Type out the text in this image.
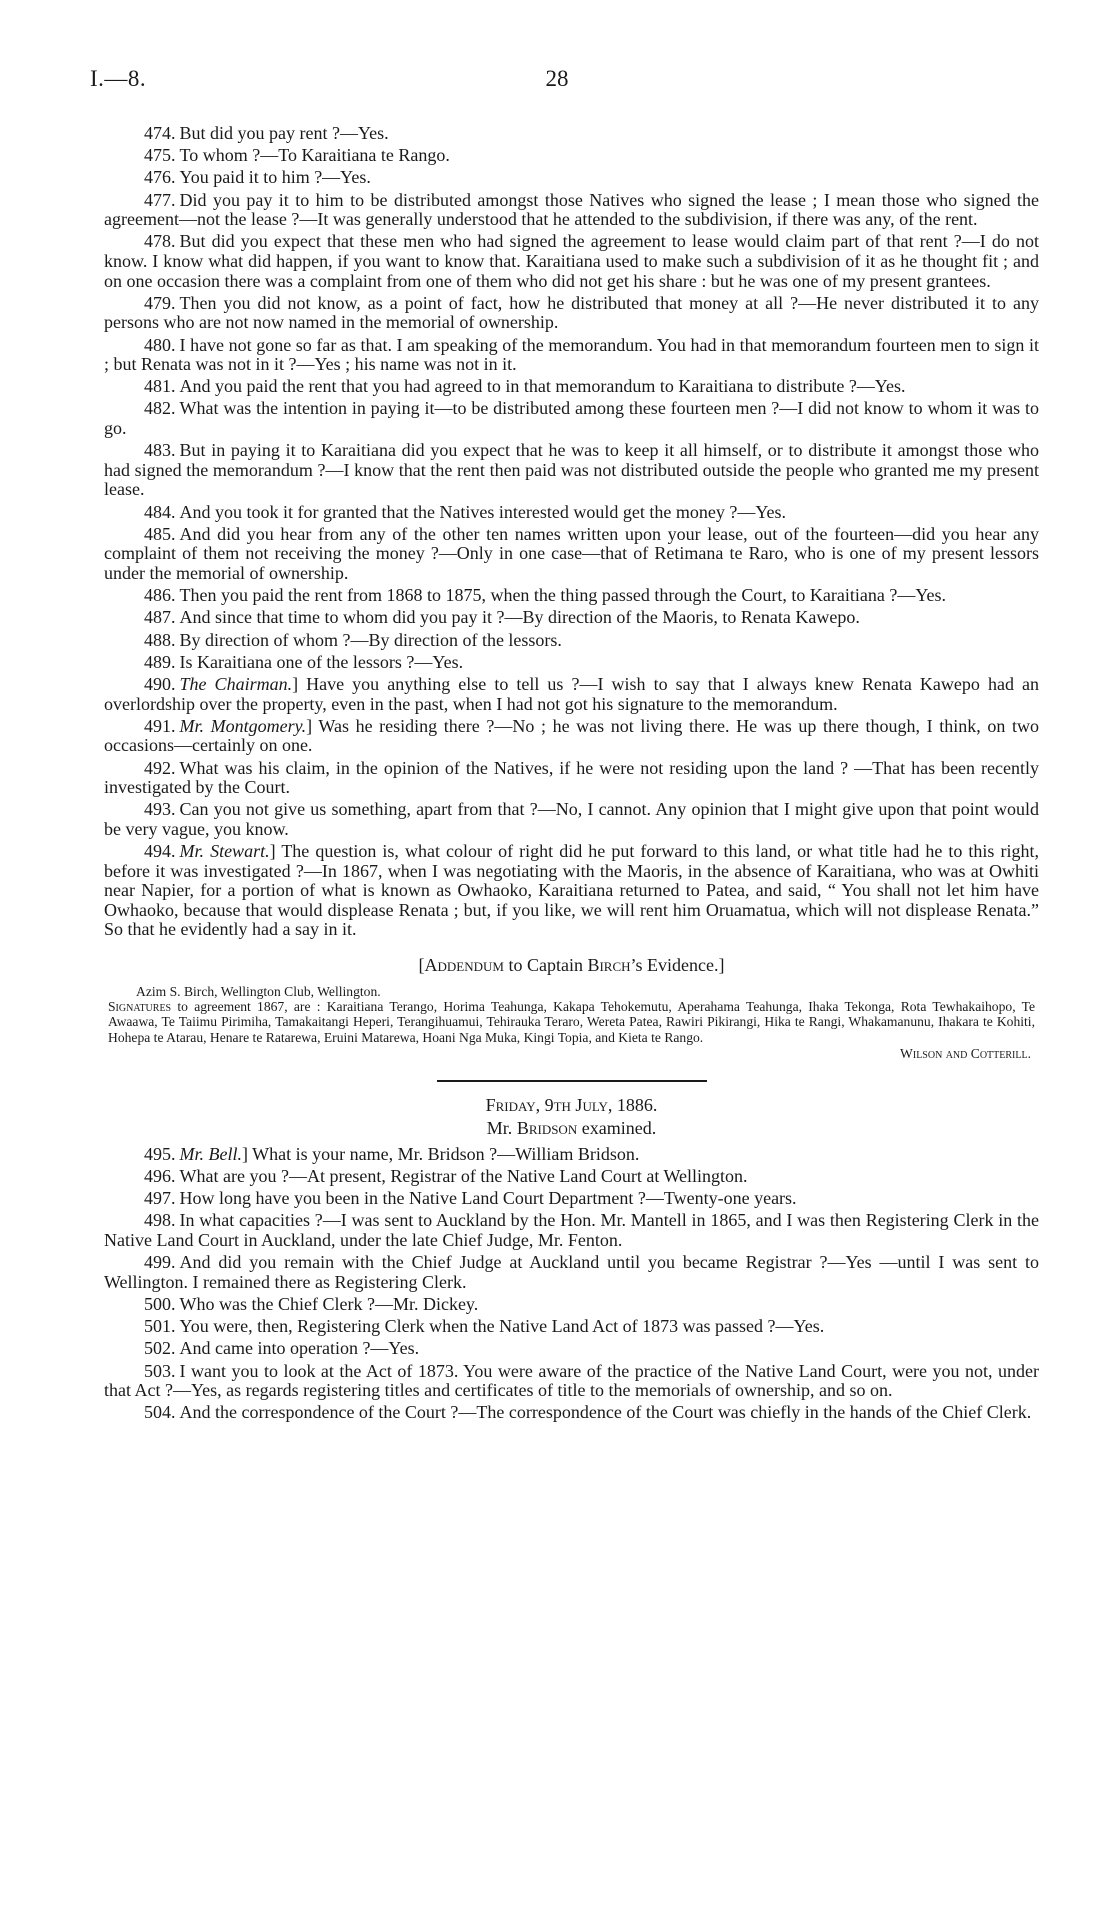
I.—8.	28

474. But did you pay rent ?—Yes.

475. To whom ?—To Karaitiana te Rango.

476. You paid it to him ?—Yes.

477. Did you pay it to him to be distributed amongst those Natives who signed the lease ; I mean those who signed the agreement—not the lease ?—It was generally understood that he attended to the subdivision, if there was any, of the rent.

478. But did you expect that these men who had signed the agreement to lease would claim part of that rent ?—I do not know. I know what did happen, if you want to know that. Karaitiana used to make such a subdivision of it as he thought fit ; and on one occasion there was a complaint from one of them who did not get his share : but he was one of my present grantees.

479. Then you did not know, as a point of fact, how he distributed that money at all ?—He never distributed it to any persons who are not now named in the memorial of ownership.

480. I have not gone so far as that. I am speaking of the memorandum. You had in that memorandum fourteen men to sign it ; but Renata was not in it ?—Yes ; his name was not in it.

481. And you paid the rent that you had agreed to in that memorandum to Karaitiana to distribute ?—Yes.

482. What was the intention in paying it—to be distributed among these fourteen men ?—I did not know to whom it was to go.

483. But in paying it to Karaitiana did you expect that he was to keep it all himself, or to distribute it amongst those who had signed the memorandum ?—I know that the rent then paid was not distributed outside the people who granted me my present lease.

484. And you took it for granted that the Natives interested would get the money ?—Yes.

485. And did you hear from any of the other ten names written upon your lease, out of the fourteen—did you hear any complaint of them not receiving the money ?—Only in one case—that of Retimana te Raro, who is one of my present lessors under the memorial of ownership.

486. Then you paid the rent from 1868 to 1875, when the thing passed through the Court, to Karaitiana ?—Yes.

487. And since that time to whom did you pay it ?—By direction of the Maoris, to Renata Kawepo.

488. By direction of whom ?—By direction of the lessors.

489. Is Karaitiana one of the lessors ?—Yes.

490. The Chairman.] Have you anything else to tell us ?—I wish to say that I always knew Renata Kawepo had an overlordship over the property, even in the past, when I had not got his signature to the memorandum.

491. Mr. Montgomery.] Was he residing there ?—No ; he was not living there. He was up there though, I think, on two occasions—certainly on one.

492. What was his claim, in the opinion of the Natives, if he were not residing upon the land ? —That has been recently investigated by the Court.

493. Can you not give us something, apart from that ?—No, I cannot. Any opinion that I might give upon that point would be very vague, you know.

494. Mr. Stewart.] The question is, what colour of right did he put forward to this land, or what title had he to this right, before it was investigated ?—In 1867, when I was negotiating with the Maoris, in the absence of Karaitiana, who was at Owhiti near Napier, for a portion of what is known as Owhaoko, Karaitiana returned to Patea, and said, “ You shall not let him have Owhaoko, because that would displease Renata ; but, if you like, we will rent him Oruamatua, which will not displease Renata.” So that he evidently had a say in it.

[Addendum to Captain Birch’s Evidence.]

Azim S. Birch, Wellington Club, Wellington.

Signatures to agreement 1867, are : Karaitiana Terango, Horima Teahunga, Kakapa Tehokemutu, Aperahama Teahunga, Ihaka Tekonga, Rota Tewhakaihopo, Te Awaawa, Te Taiimu Pirimiha, Tamakaitangi Heperi, Terangihuamui, Tehirauka Teraro, Wereta Patea, Rawiri Pikirangi, Hika te Rangi, Whakamanunu, Ihakara te Kohiti, Hohepa te Atarau, Henare te Ratarewa, Eruini Matarewa, Hoani Nga Muka, Kingi Topia, and Kieta te Rango.

Wilson and Cotterill.
Friday, 9th July, 1886.
Mr. Bridson examined.

495. Mr. Bell.] What is your name, Mr. Bridson ?—William Bridson.

496. What are you ?—At present, Registrar of the Native Land Court at Wellington.

497. How long have you been in the Native Land Court Department ?—Twenty-one years.

498. In what capacities ?—I was sent to Auckland by the Hon. Mr. Mantell in 1865, and I was then Registering Clerk in the Native Land Court in Auckland, under the late Chief Judge, Mr. Fenton.

499. And did you remain with the Chief Judge at Auckland until you became Registrar ?—Yes —until I was sent to Wellington. I remained there as Registering Clerk.

500. Who was the Chief Clerk ?—Mr. Dickey.

501. You were, then, Registering Clerk when the Native Land Act of 1873 was passed ?—Yes.

502. And came into operation ?—Yes.

503. I want you to look at the Act of 1873. You were aware of the practice of the Native Land Court, were you not, under that Act ?—Yes, as regards registering titles and certificates of title to the memorials of ownership, and so on.

504. And the correspondence of the Court ?—The correspondence of the Court was chiefly in the hands of the Chief Clerk.
